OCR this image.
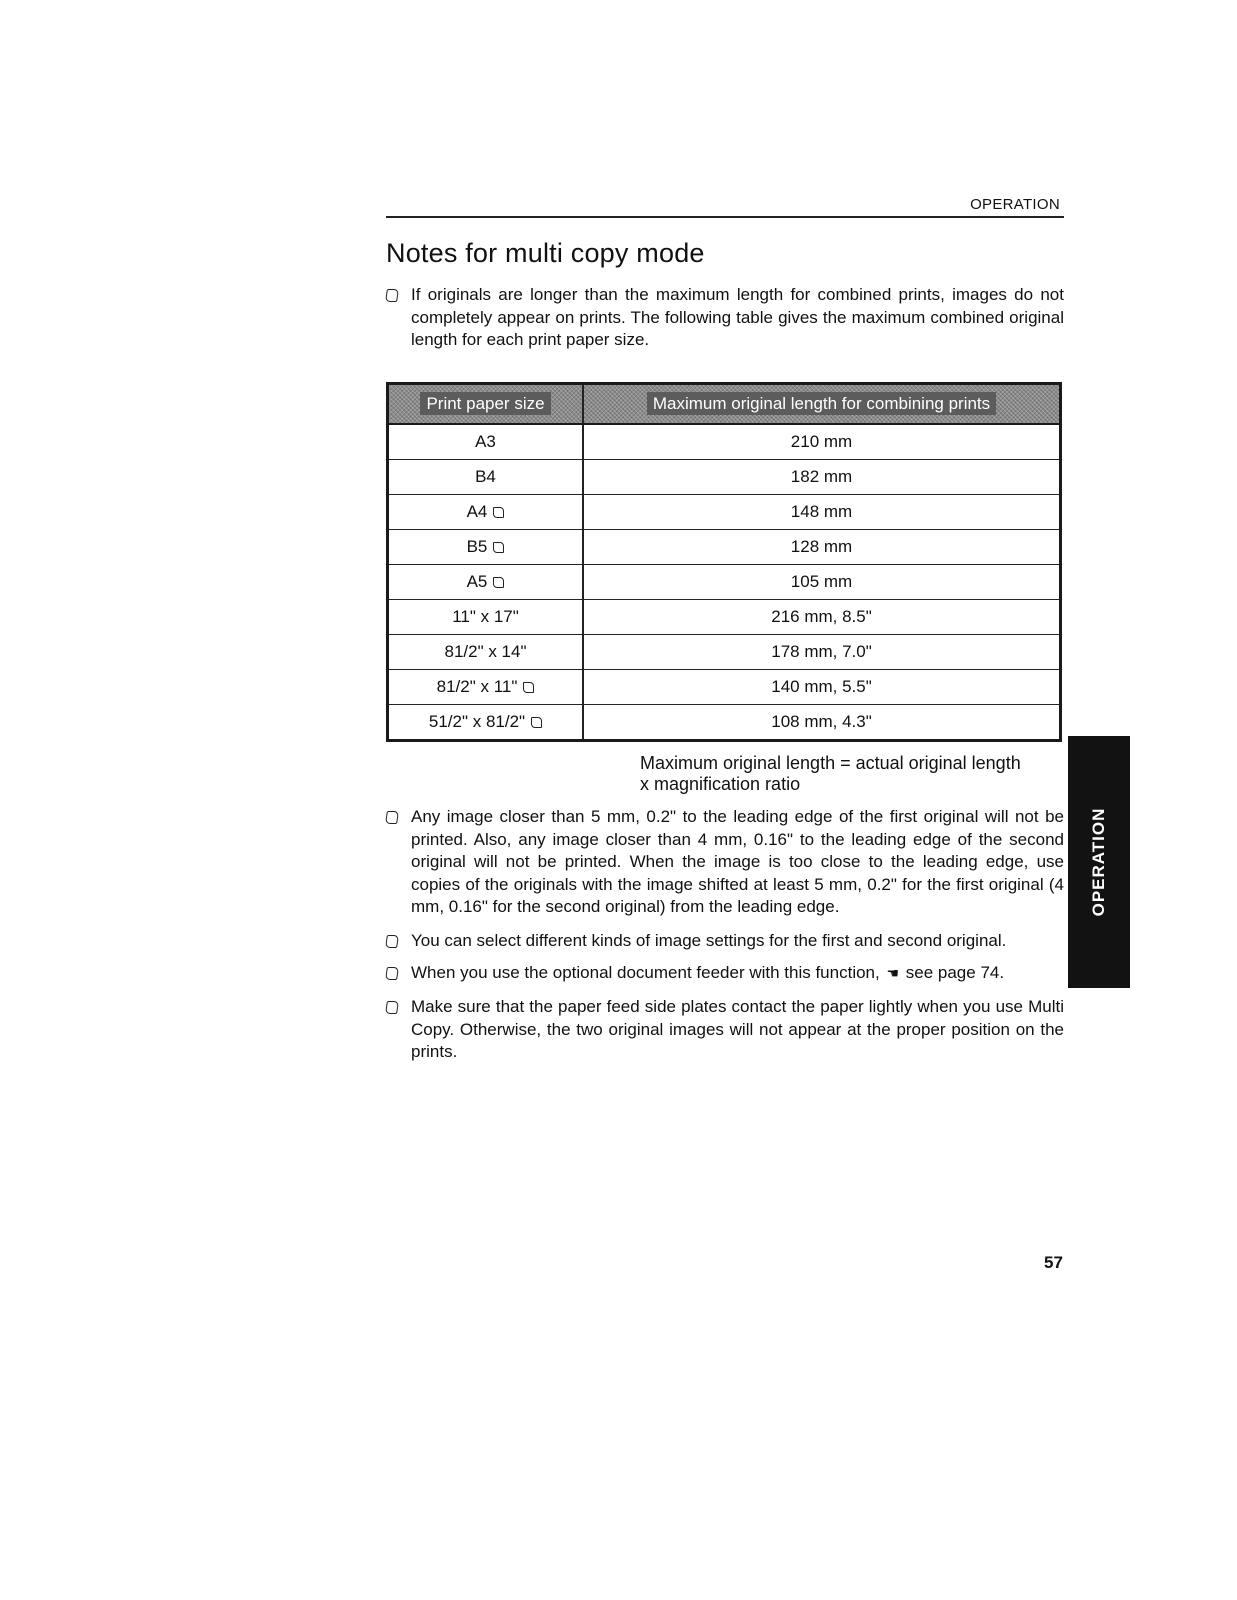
OPERATION
Notes for multi copy mode
If originals are longer than the maximum length for combined prints, images do not completely appear on prints. The following table gives the maximum combined original length for each print paper size.
Print paper size	Maximum original length for combining prints
A3	210 mm
B4	182 mm
A4	148 mm
B5	128 mm
A5	105 mm
11" x 17"	216 mm, 8.5"
81/2" x 14"	178 mm, 7.0"
81/2" x 11"	140 mm, 5.5"
51/2" x 81/2"	108 mm, 4.3"
Maximum original length = actual original length
x magnification ratio
Any image closer than 5 mm, 0.2" to the leading edge of the first original will not be printed. Also, any image closer than 4 mm, 0.16" to the leading edge of the second original will not be printed. When the image is too close to the leading edge, use copies of the originals with the image shifted at least 5 mm, 0.2" for the first original (4 mm, 0.16" for the second original) from the leading edge.
You can select different kinds of image settings for the first and second original.
When you use the optional document feeder with this function, ☚ see page 74.
Make sure that the paper feed side plates contact the paper lightly when you use Multi Copy. Otherwise, the two original images will not appear at the proper position on the prints.
OPERATION
57
